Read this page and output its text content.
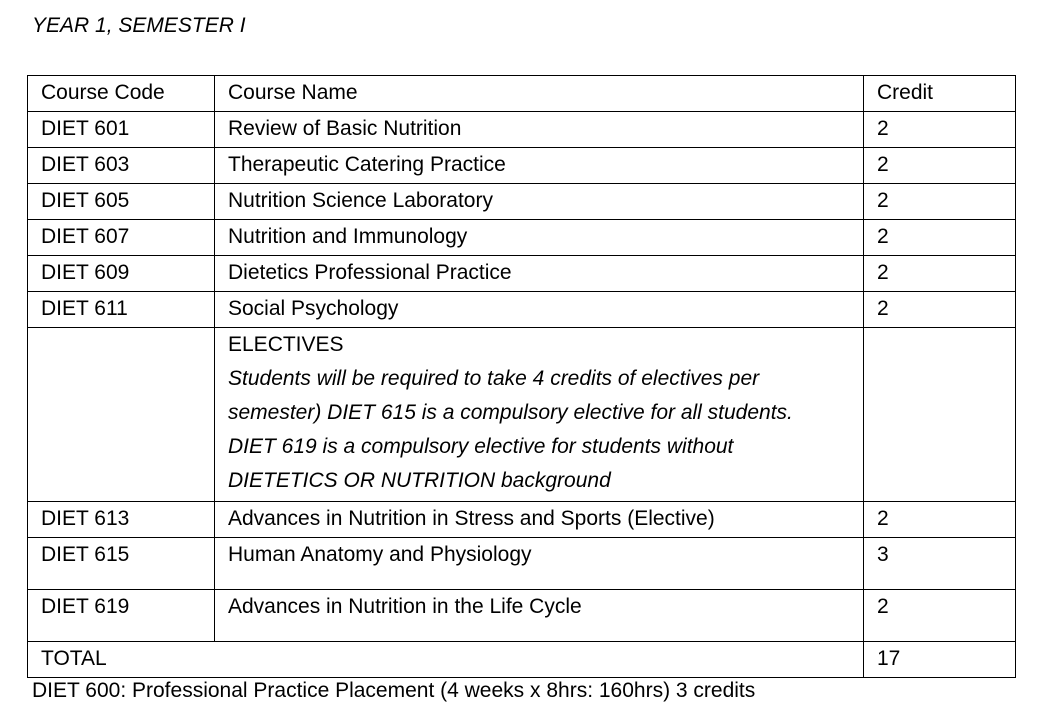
YEAR 1, SEMESTER I
Course Code	Course Name	Credit
DIET 601	Review of Basic Nutrition	2
DIET 603	Therapeutic Catering Practice	2
DIET 605	Nutrition Science Laboratory	2
DIET 607	Nutrition and Immunology	2
DIET 609	Dietetics Professional Practice	2
DIET 611	Social Psychology	2

	ELECTIVES
Students will be required to take 4 credits of electives per semester) DIET 615 is a compulsory elective for all students. DIET 619 is a compulsory elective for students without DIETETICS OR NUTRITION background	

DIET 613	Advances in Nutrition in Stress and Sports (Elective)	2
DIET 615	Human Anatomy and Physiology	3
DIET 619	Advances in Nutrition in the Life Cycle	2
TOTAL		17
DIET 600: Professional Practice Placement (4 weeks x 8hrs: 160hrs) 3 credits
